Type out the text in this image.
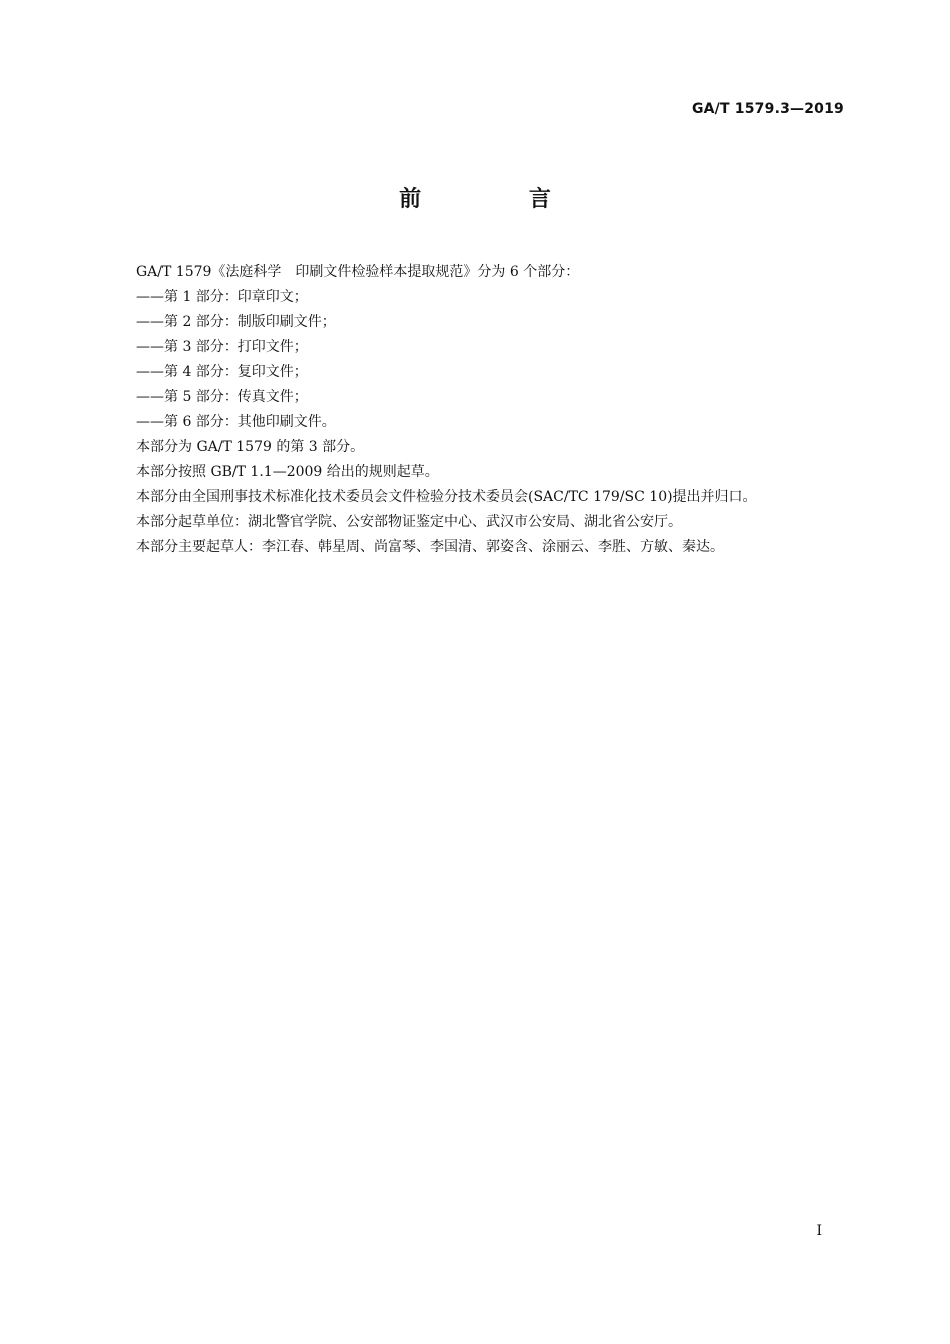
GA/T 1579.3—2019
前 言

GA/T 1579《法庭科学　印刷文件检验样本提取规范》分为 6 个部分：

——第 1 部分：印章印文；

——第 2 部分：制版印刷文件；

——第 3 部分：打印文件；

——第 4 部分：复印文件；

——第 5 部分：传真文件；

——第 6 部分：其他印刷文件。

本部分为 GA/T 1579 的第 3 部分。

本部分按照 GB/T 1.1—2009 给出的规则起草。

本部分由全国刑事技术标准化技术委员会文件检验分技术委员会(SAC/TC 179/SC 10)提出并归口。

本部分起草单位：湖北警官学院、公安部物证鉴定中心、武汉市公安局、湖北省公安厅。

本部分主要起草人：李江春、韩星周、尚富琴、李国清、郭姿含、涂丽云、李胜、方敏、秦达。

I
